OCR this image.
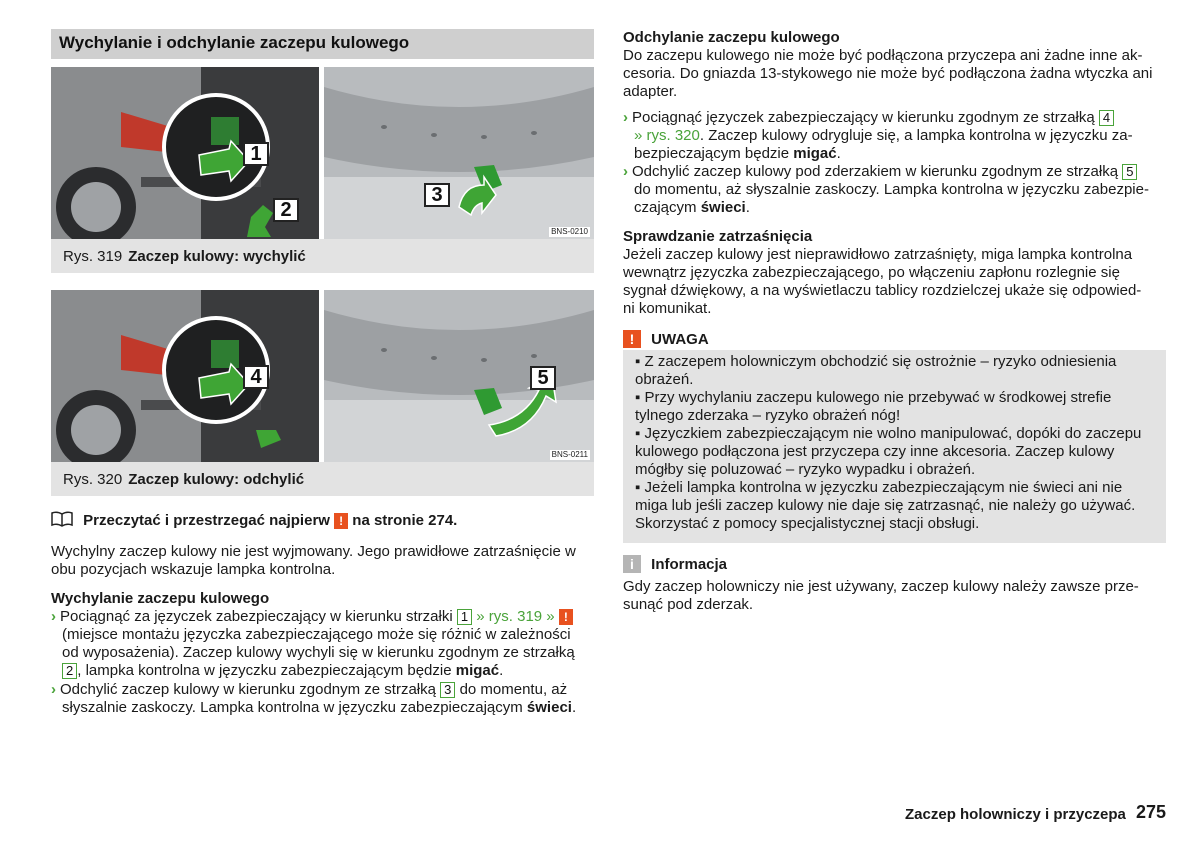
Wychylanie i odchylanie zaczepu kulowego
1
2
3
BNS-0210
Rys. 319 Zaczep kulowy: wychylić
4	5
BNS-0211
Rys. 320 Zaczep kulowy: odchylić
Przeczytać i przestrzegać najpierw ! na stronie 274.
Wychylny zaczep kulowy nie jest wyjmowany. Jego prawidłowe zatrzaśnięcie w obu pozycjach wskazuje lampka kontrolna.
Wychylanie zaczepu kulowego
› Pociągnąć za języczek zabezpieczający w kierunku strzałki 1 » rys. 319 » !
(miejsce montażu języczka zabezpieczającego może się różnić w zależności
od wyposażenia). Zaczep kulowy wychyli się w kierunku zgodnym ze strzałką
2 , lampka kontrolna w języczku zabezpieczającym będzie migać.
› Odchylić zaczep kulowy w kierunku zgodnym ze strzałką 3 do momentu, aż
słyszalnie zaskoczy. Lampka kontrolna w języczku zabezpieczającym świeci.
Odchylanie zaczepu kulowego
Do zaczepu kulowego nie może być podłączona przyczepa ani żadne inne ak-
cesoria. Do gniazda 13-stykowego nie może być podłączona żadna wtyczka ani
adapter.
› Pociągnąć języczek zabezpieczający w kierunku zgodnym ze strzałką 4
» rys. 320. Zaczep kulowy odrygluje się, a lampka kontrolna w języczku za-
bezpieczającym będzie migać.
› Odchylić zaczep kulowy pod zderzakiem w kierunku zgodnym ze strzałką 5
do momentu, aż słyszalnie zaskoczy. Lampka kontrolna w języczku zabezpie-
czającym świeci.
Sprawdzanie zatrzaśnięcia
Jeżeli zaczep kulowy jest nieprawidłowo zatrzaśnięty, miga lampka kontrolna
wewnątrz języczka zabezpieczającego, po włączeniu zapłonu rozlegnie się
sygnał dźwiękowy, a na wyświetlaczu tablicy rozdzielczej ukaże się odpowied-
ni komunikat.
! UWAGA
▪ Z zaczepem holowniczym obchodzić się ostrożnie – ryzyko odniesienia
obrażeń.
▪ Przy wychylaniu zaczepu kulowego nie przebywać w środkowej strefie
tylnego zderzaka – ryzyko obrażeń nóg!
▪ Języczkiem zabezpieczającym nie wolno manipulować, dopóki do zaczepu
kulowego podłączona jest przyczepa czy inne akcesoria. Zaczep kulowy
mógłby się poluzować – ryzyko wypadku i obrażeń.
▪ Jeżeli lampka kontrolna w języczku zabezpieczającym nie świeci ani nie
miga lub jeśli zaczep kulowy nie daje się zatrzasnąć, nie należy go używać.
Skorzystać z pomocy specjalistycznej stacji obsługi.
i Informacja
Gdy zaczep holowniczy nie jest używany, zaczep kulowy należy zawsze prze-
sunąć pod zderzak.
Zaczep holowniczy i przyczepa 275
